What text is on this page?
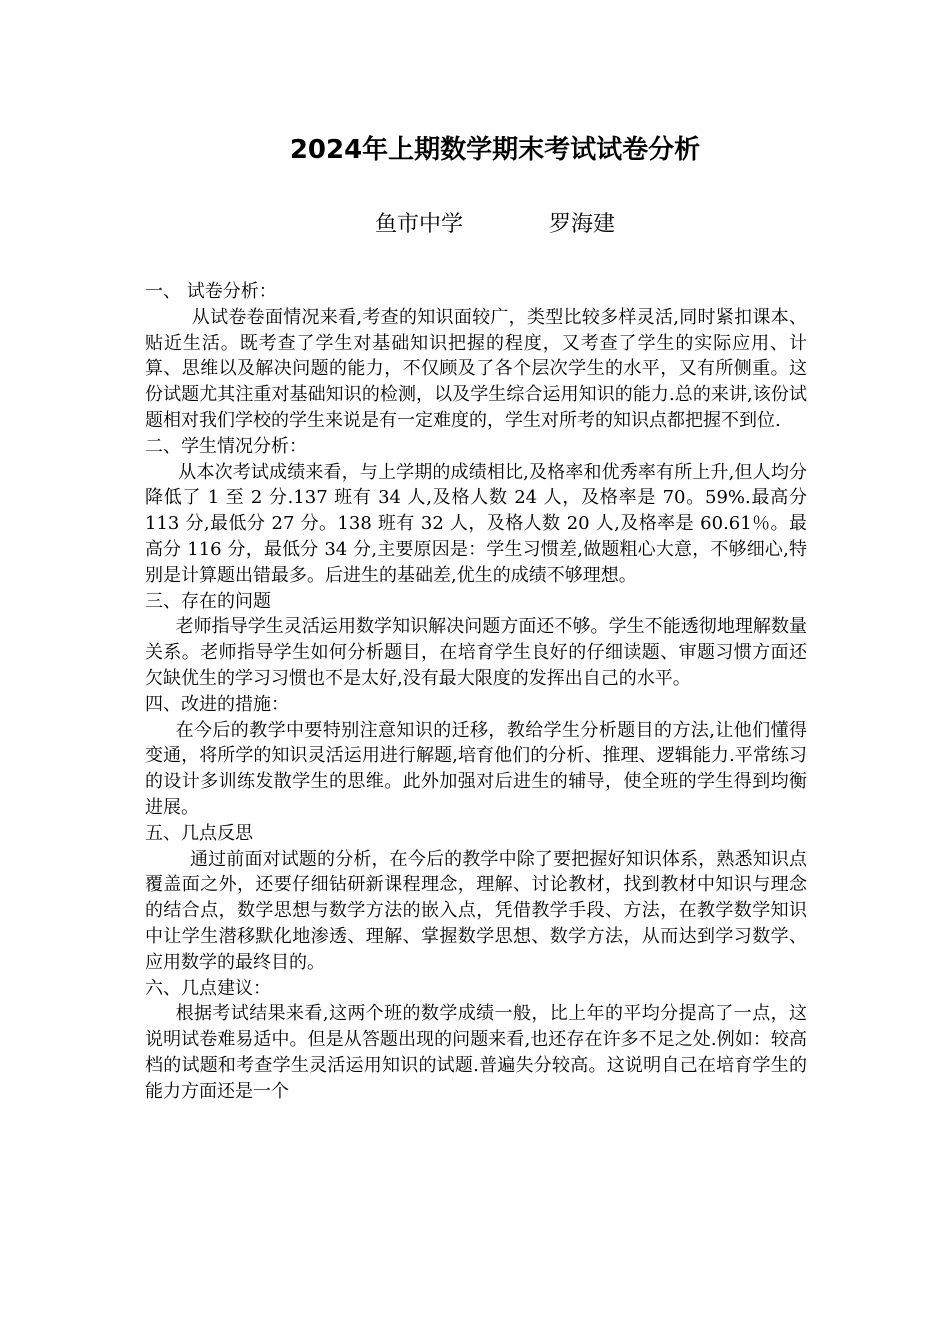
2024年上期数学期末考试试卷分析
鱼市中学	罗海建

一、 试卷分析：

从试卷卷面情况来看,考查的知识面较广，类型比较多样灵活,同时紧扣课本、贴近生活。既考查了学生对基础知识把握的程度，又考查了学生的实际应用、计算、思维以及解决问题的能力，不仅顾及了各个层次学生的水平，又有所侧重。这份试题尤其注重对基础知识的检测，以及学生综合运用知识的能力.总的来讲,该份试题相对我们学校的学生来说是有一定难度的，学生对所考的知识点都把握不到位.

二、学生情况分析：

从本次考试成绩来看，与上学期的成绩相比,及格率和优秀率有所上升,但人均分降低了 1 至 2 分.137 班有 34 人,及格人数 24 人，及格率是 70。59%.最高分 113 分,最低分 27 分。138 班有 32 人，及格人数 20 人,及格率是 60.61％。最高分 116 分，最低分 34 分,主要原因是：学生习惯差,做题粗心大意，不够细心,特别是计算题出错最多。后进生的基础差,优生的成绩不够理想。

三、存在的问题

老师指导学生灵活运用数学知识解决问题方面还不够。学生不能透彻地理解数量关系。老师指导学生如何分析题目，在培育学生良好的仔细读题、审题习惯方面还欠缺优生的学习习惯也不是太好,没有最大限度的发挥出自己的水平。

四、改进的措施：

在今后的教学中要特别注意知识的迁移，教给学生分析题目的方法,让他们懂得变通，将所学的知识灵活运用进行解题,培育他们的分析、推理、逻辑能力.平常练习的设计多训练发散学生的思维。此外加强对后进生的辅导，使全班的学生得到均衡进展。

五、几点反思

通过前面对试题的分析，在今后的教学中除了要把握好知识体系，熟悉知识点覆盖面之外，还要仔细钻研新课程理念，理解、讨论教材，找到教材中知识与理念的结合点，数学思想与数学方法的嵌入点，凭借教学手段、方法，在教学数学知识中让学生潜移默化地渗透、理解、掌握数学思想、数学方法，从而达到学习数学、应用数学的最终目的。

六、几点建议：

根据考试结果来看,这两个班的数学成绩一般，比上年的平均分提高了一点，这说明试卷难易适中。但是从答题出现的问题来看,也还存在许多不足之处.例如：较高档的试题和考查学生灵活运用知识的试题.普遍失分较高。这说明自己在培育学生的能力方面还是一个
